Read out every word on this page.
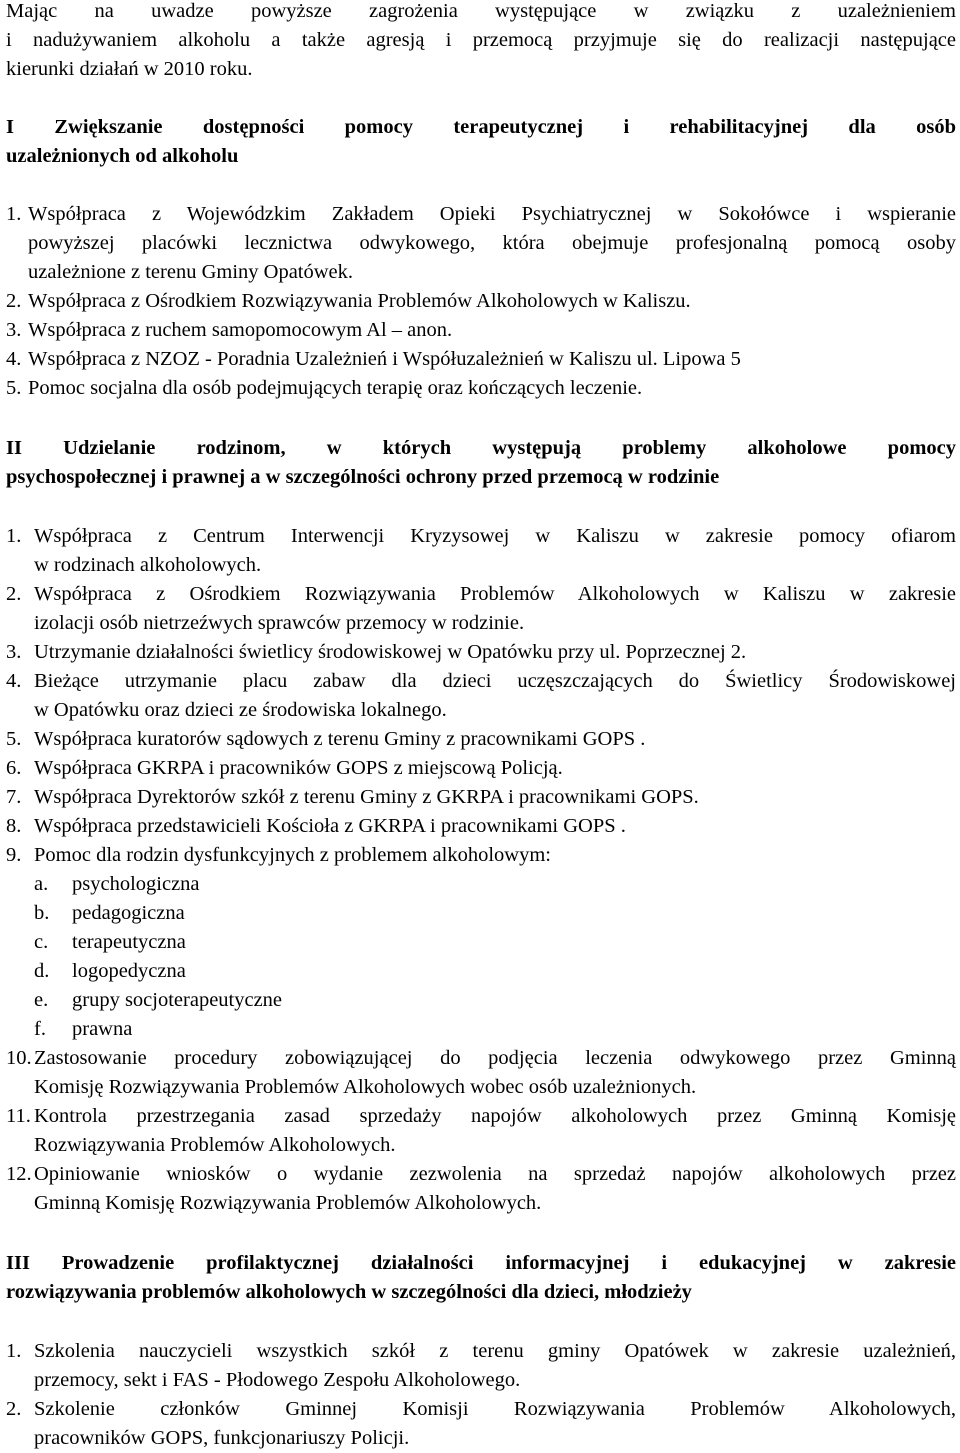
Mając na uwadze powyższe zagrożenia występujące w związku z uzależnieniem

i nadużywaniem alkoholu a także agresją i przemocą przyjmuje się do realizacji następujące

kierunki działań w 2010 roku.

I Zwiększanie dostępności pomocy terapeutycznej i rehabilitacyjnej dla osób

uzależnionych od alkoholu

1. Współpraca z Wojewódzkim Zakładem Opieki Psychiatrycznej w Sokołówce i wspieranie

powyższej placówki lecznictwa odwykowego, która obejmuje profesjonalną pomocą osoby

uzależnione z terenu Gminy Opatówek.

2. Współpraca z Ośrodkiem Rozwiązywania Problemów Alkoholowych w Kaliszu.

3. Współpraca z ruchem samopomocowym Al – anon.

4. Współpraca z NZOZ - Poradnia Uzależnień i Współuzależnień w Kaliszu ul. Lipowa 5

5. Pomoc socjalna dla osób podejmujących terapię oraz kończących leczenie.

II Udzielanie rodzinom, w których występują problemy alkoholowe pomocy

psychospołecznej i prawnej a w szczególności ochrony przed przemocą w rodzinie

1. Współpraca z Centrum Interwencji Kryzysowej w Kaliszu w zakresie pomocy ofiarom

w rodzinach alkoholowych.

2. Współpraca z Ośrodkiem Rozwiązywania Problemów Alkoholowych w Kaliszu w zakresie

izolacji osób nietrzeźwych sprawców przemocy w rodzinie.

3. Utrzymanie działalności świetlicy środowiskowej w Opatówku przy ul. Poprzecznej 2.

4. Bieżące utrzymanie placu zabaw dla dzieci uczęszczających do Świetlicy Środowiskowej

w Opatówku oraz dzieci ze środowiska lokalnego.

5. Współpraca kuratorów sądowych z terenu Gminy z pracownikami GOPS .

6. Współpraca GKRPA i pracowników GOPS z miejscową Policją.

7. Współpraca Dyrektorów szkół z terenu Gminy z GKRPA i pracownikami GOPS.

8. Współpraca przedstawicieli Kościoła z GKRPA i pracownikami GOPS .

9. Pomoc dla rodzin dysfunkcyjnych z problemem alkoholowym:

a. psychologiczna

b. pedagogiczna

c. terapeutyczna

d. logopedyczna

e. grupy socjoterapeutyczne

f. prawna

10. Zastosowanie procedury zobowiązującej do podjęcia leczenia odwykowego przez Gminną

Komisję Rozwiązywania Problemów Alkoholowych wobec osób uzależnionych.

11. Kontrola przestrzegania zasad sprzedaży napojów alkoholowych przez Gminną Komisję

Rozwiązywania Problemów Alkoholowych.

12. Opiniowanie wniosków o wydanie zezwolenia na sprzedaż napojów alkoholowych przez

Gminną Komisję Rozwiązywania Problemów Alkoholowych.

III Prowadzenie profilaktycznej działalności informacyjnej i edukacyjnej w zakresie

rozwiązywania problemów alkoholowych w szczególności dla dzieci, młodzieży

1. Szkolenia nauczycieli wszystkich szkół z terenu gminy Opatówek w zakresie uzależnień,

przemocy, sekt i FAS - Płodowego Zespołu Alkoholowego.

2. Szkolenie członków Gminnej Komisji Rozwiązywania Problemów Alkoholowych,

pracowników GOPS, funkcjonariuszy Policji.
